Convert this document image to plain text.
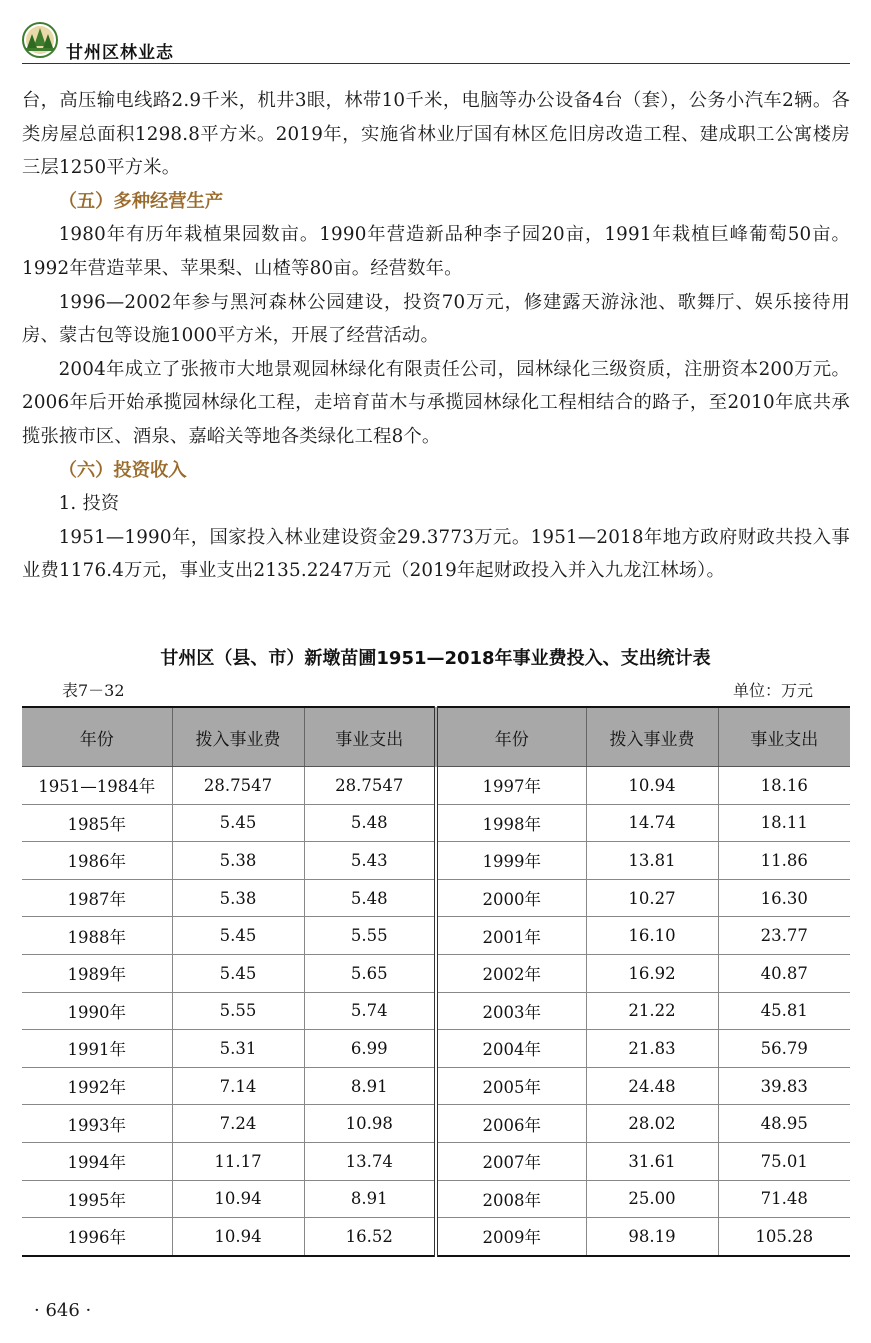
甘州区林业志

台，高压输电线路2.9千米，机井3眼，林带10千米，电脑等办公设备4台（套），公务小汽车2辆。各类房屋总面积1298.8平方米。2019年，实施省林业厅国有林区危旧房改造工程、建成职工公寓楼房三层1250平方米。

（五）多种经营生产

1980年有历年栽植果园数亩。1990年营造新品种李子园20亩，1991年栽植巨峰葡萄50亩。1992年营造苹果、苹果梨、山楂等80亩。经营数年。

1996—2002年参与黑河森林公园建设，投资70万元，修建露天游泳池、歌舞厅、娱乐接待用房、蒙古包等设施1000平方米，开展了经营活动。

2004年成立了张掖市大地景观园林绿化有限责任公司，园林绿化三级资质，注册资本200万元。2006年后开始承揽园林绿化工程，走培育苗木与承揽园林绿化工程相结合的路子，至2010年底共承揽张掖市区、酒泉、嘉峪关等地各类绿化工程8个。

（六）投资收入

1. 投资

1951—1990年，国家投入林业建设资金29.3773万元。1951—2018年地方政府财政共投入事业费1176.4万元，事业支出2135.2247万元（2019年起财政投入并入九龙江林场）。

甘州区（县、市）新墩苗圃1951—2018年事业费投入、支出统计表
表7－32	单位：万元
年份	拨入事业费	事业支出	年份	拨入事业费	事业支出
1951—1984年	28.7547	28.7547	1997年	10.94	18.16
1985年	5.45	5.48	1998年	14.74	18.11
1986年	5.38	5.43	1999年	13.81	11.86
1987年	5.38	5.48	2000年	10.27	16.30
1988年	5.45	5.55	2001年	16.10	23.77
1989年	5.45	5.65	2002年	16.92	40.87
1990年	5.55	5.74	2003年	21.22	45.81
1991年	5.31	6.99	2004年	21.83	56.79
1992年	7.14	8.91	2005年	24.48	39.83
1993年	7.24	10.98	2006年	28.02	48.95
1994年	11.17	13.74	2007年	31.61	75.01
1995年	10.94	8.91	2008年	25.00	71.48
1996年	10.94	16.52	2009年	98.19	105.28
· 646 ·
